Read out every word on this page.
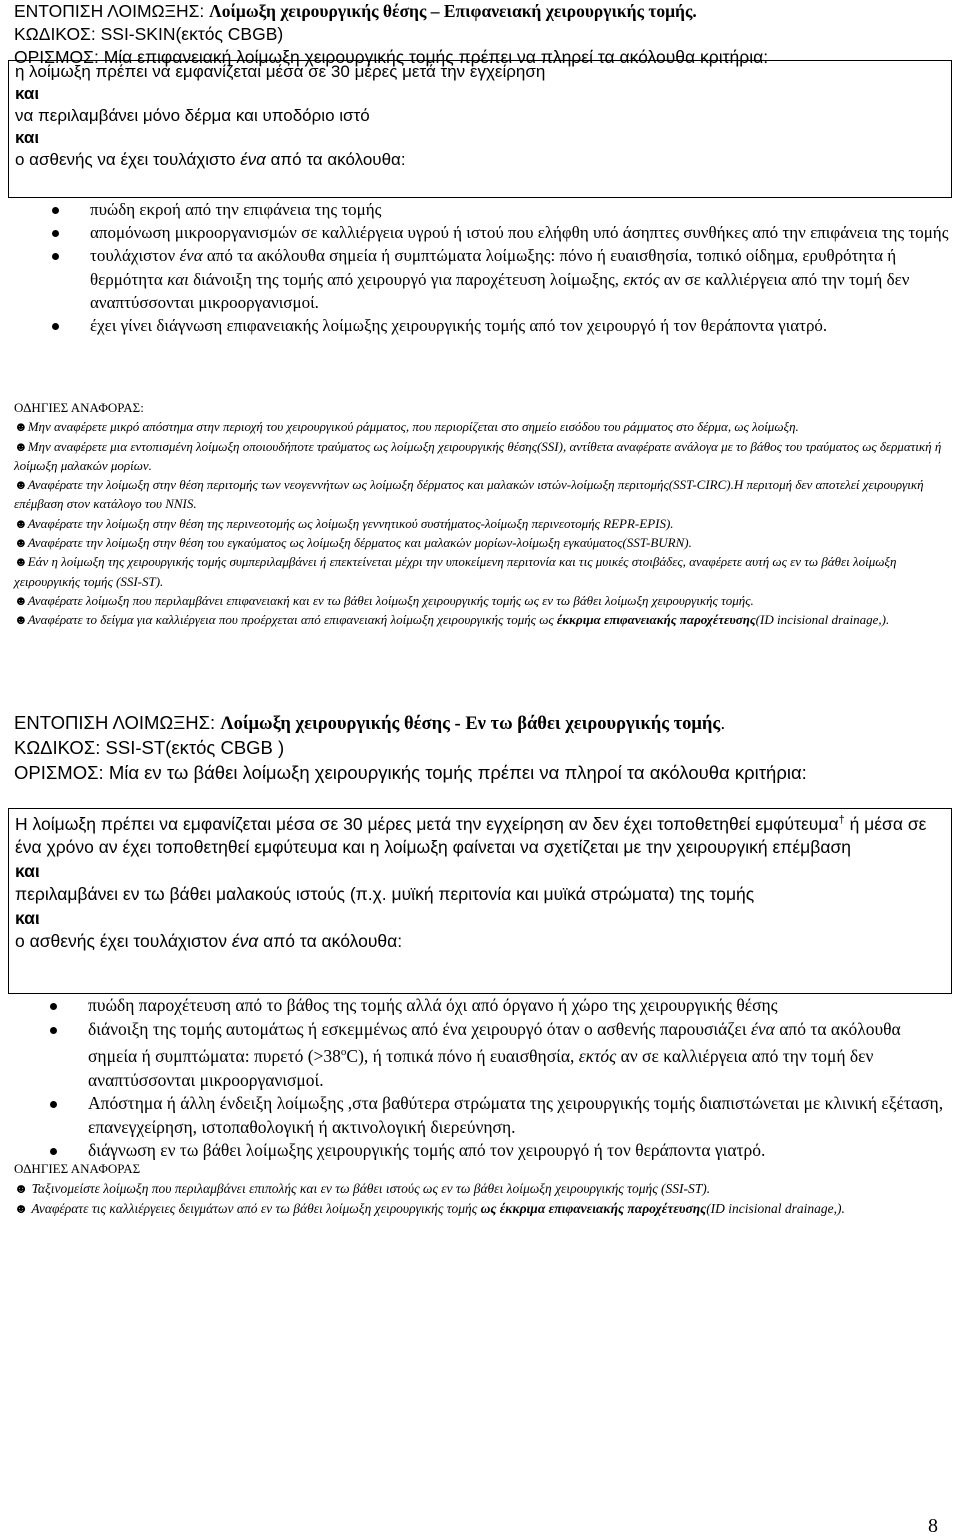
ΕΝΤΟΠΙΣΗ ΛΟΙΜΩΞΗΣ: Λοίμωξη χειρουργικής θέσης – Επιφανειακή χειρουργικής τομής.

ΚΩΔΙΚΟΣ: SSI-SKIN(εκτός CBGB)

ΟΡΙΣΜΟΣ: Μία επιφανειακή λοίμωξη χειρουργικής τομής πρέπει να πληρεί τα ακόλουθα κριτήρια:

η λοίμωξη πρέπει να εμφανίζεται μέσα σε 30 μέρες μετά την εγχείρηση

και

να περιλαμβάνει μόνο δέρμα και υποδόριο ιστό

και

ο ασθενής να έχει τουλάχιστο ένα από τα ακόλουθα:

πυώδη εκροή από την επιφάνεια της τομής
απομόνωση μικροοργανισμών σε καλλιέργεια υγρού ή ιστού που ελήφθη υπό άσηπτες συνθήκες από την επιφάνεια της τομής
τουλάχιστον ένα από τα ακόλουθα σημεία ή συμπτώματα λοίμωξης: πόνο ή ευαισθησία, τοπικό οίδημα, ερυθρότητα ή θερμότητα και διάνοιξη της τομής από χειρουργό για παροχέτευση λοίμωξης, εκτός αν σε καλλιέργεια από την τομή δεν αναπτύσσονται μικροοργανισμοί.
έχει γίνει διάγνωση επιφανειακής λοίμωξης χειρουργικής τομής από τον χειρουργό ή τον θεράποντα γιατρό.
ΟΔΗΓΙΕΣ ΑΝΑΦΟΡΑΣ:
☻Μην αναφέρετε μικρό απόστημα στην περιοχή του χειρουργικού ράμματος, που περιορίζεται στο σημείο εισόδου του ράμματος στο δέρμα, ως λοίμωξη.
☻Μην αναφέρετε μια εντοπισμένη λοίμωξη οποιουδήποτε τραύματος ως λοίμωξη χειρουργικής θέσης(SSI), αντίθετα αναφέρατε ανάλογα με το βάθος του τραύματος ως δερματική ή λοίμωξη μαλακών μορίων.
☻Αναφέρατε την λοίμωξη στην θέση περιτομής των νεογεννήτων ως λοίμωξη δέρματος και μαλακών ιστών-λοίμωξη περιτομής(SST-CIRC).Η περιτομή δεν αποτελεί χειρουργική επέμβαση στον κατάλογο του NNIS.
☻Αναφέρατε την λοίμωξη στην θέση της περινεοτομής ως λοίμωξη γεννητικού συστήματος-λοίμωξη περινεοτομής REPR-EPIS).
☻Αναφέρατε την λοίμωξη στην θέση του εγκαύματος ως λοίμωξη δέρματος και μαλακών μορίων-λοίμωξη εγκαύματος(SST-BURN).
☻Εάν η λοίμωξη της χειρουργικής τομής συμπεριλαμβάνει ή επεκτείνεται μέχρι την υποκείμενη περιτονία και τις μυικές στοιβάδες, αναφέρετε αυτή ως εν τω βάθει λοίμωξη χειρουργικής τομής (SSI-ST).
☻Αναφέρατε λοίμωξη που περιλαμβάνει επιφανειακή και εν τω βάθει λοίμωξη χειρουργικής τομής ως εν τω βάθει λοίμωξη χειρουργικής τομής.
☻Αναφέρατε το δείγμα για καλλιέργεια που προέρχεται από επιφανειακή λοίμωξη χειρουργικής τομής ως έκκριμα επιφανειακής παροχέτευσης(ID incisional drainage,).

ΕΝΤΟΠΙΣΗ ΛΟΙΜΩΞΗΣ: Λοίμωξη χειρουργικής θέσης - Εν τω βάθει χειρουργικής τομής.

ΚΩΔΙΚΟΣ: SSI-ST(εκτός CBGB )

ΟΡΙΣΜΟΣ: Μία εν τω βάθει λοίμωξη χειρουργικής τομής πρέπει να πληροί τα ακόλουθα κριτήρια:

Η λοίμωξη πρέπει να εμφανίζεται μέσα σε 30 μέρες μετά την εγχείρηση αν δεν έχει τοποθετηθεί εμφύτευμα† ή μέσα σε ένα χρόνο αν έχει τοποθετηθεί εμφύτευμα και η λοίμωξη φαίνεται να σχετίζεται με την χειρουργική επέμβαση

και

περιλαμβάνει εν τω βάθει μαλακούς ιστούς (π.χ. μυϊκή περιτονία και μυϊκά στρώματα) της τομής

και

ο ασθενής έχει τουλάχιστον ένα από τα ακόλουθα:

πυώδη παροχέτευση από το βάθος της τομής αλλά όχι από όργανο ή χώρο της χειρουργικής θέσης
διάνοιξη της τομής αυτομάτως ή εσκεμμένως από ένα χειρουργό όταν ο ασθενής παρουσιάζει ένα από τα ακόλουθα σημεία ή συμπτώματα: πυρετό $(>38^oC)$, ή τοπικά πόνο ή ευαισθησία, εκτός αν σε καλλιέργεια από την τομή δεν αναπτύσσονται μικροοργανισμοί.
Απόστημα ή άλλη ένδειξη λοίμωξης ,στα βαθύτερα στρώματα της χειρουργικής τομής διαπιστώνεται με κλινική εξέταση, επανεγχείρηση, ιστοπαθολογική ή ακτινολογική διερεύνηση.
διάγνωση εν τω βάθει λοίμωξης χειρουργικής τομής από τον χειρουργό ή τον θεράποντα γιατρό.
ΟΔΗΓΙΕΣ ΑΝΑΦΟΡΑΣ
☻ Ταξινομείστε λοίμωξη που περιλαμβάνει επιπολής και εν τω βάθει ιστούς ως εν τω βάθει λοίμωξη χειρουργικής τομής (SSI-ST).
☻ Αναφέρατε τις καλλιέργειες δειγμάτων από εν τω βάθει λοίμωξη χειρουργικής τομής ως έκκριμα επιφανειακής παροχέτευσης(ID incisional drainage,).
8
